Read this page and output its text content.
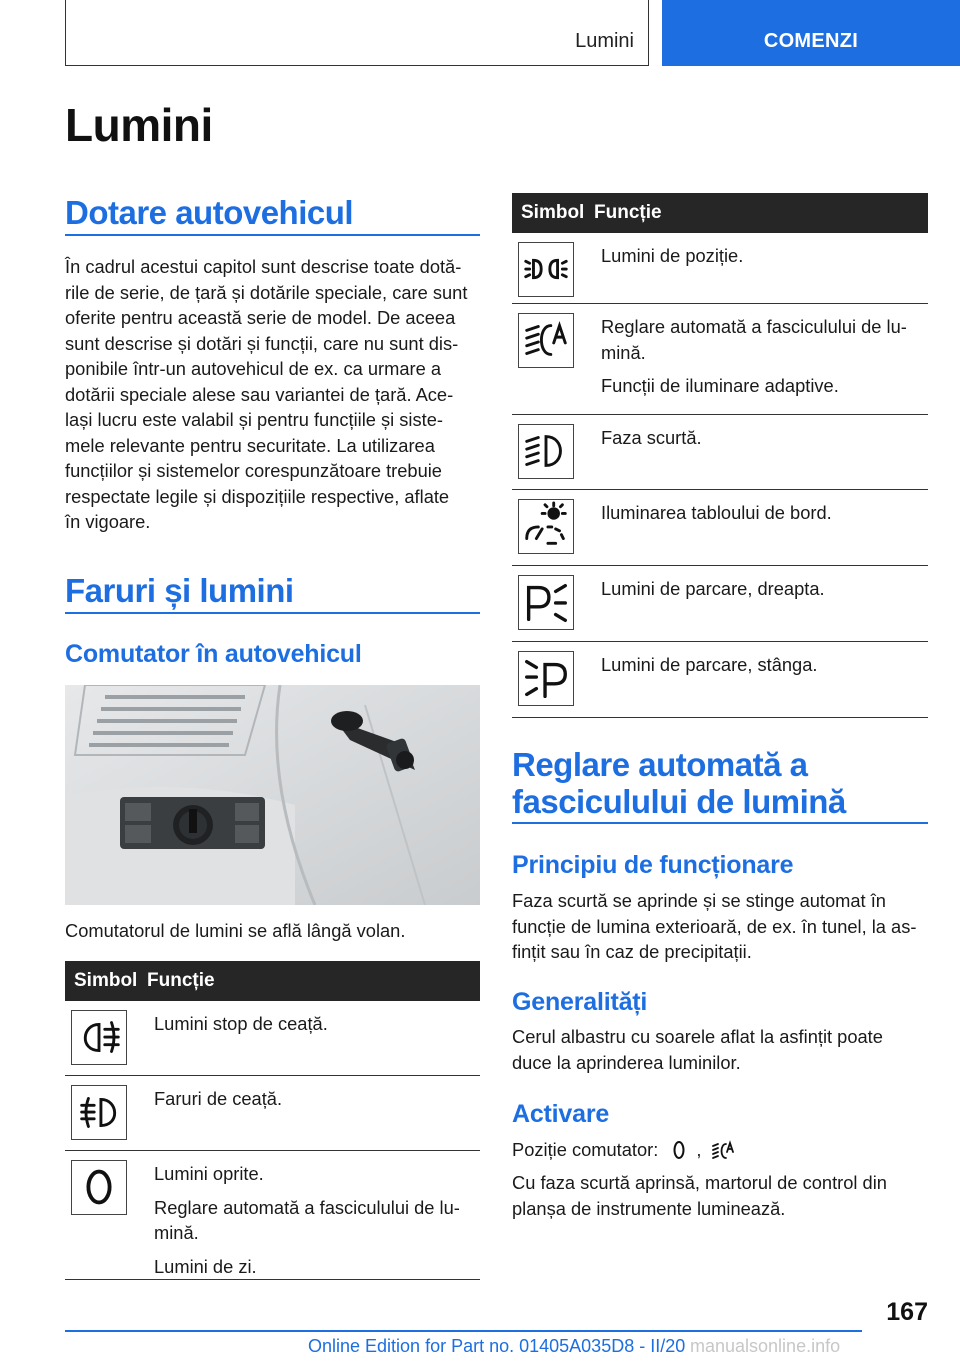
Lumini	COMENZI
Lumini
Dotare autovehicul
În cadrul acestui capitol sunt descrise toate dotă-
rile de serie, de țară și dotările speciale, care sunt
oferite pentru această serie de model. De aceea
sunt descrise și dotări și funcții, care nu sunt dis-
ponibile într-un autovehicul de ex. ca urmare a
dotării speciale alese sau variantei de țară. Ace-
lași lucru este valabil și pentru funcțiile și siste-
mele relevante pentru securitate. La utilizarea
funcțiilor și sistemelor corespunzătoare trebuie
respectate legile și dispozițiile respective, aflate
în vigoare.
Faruri și lumini
Comutator în autovehicul
Comutatorul de lumini se află lângă volan.
Simbol Funcție

Lumini stop de ceață.

Faruri de ceață.

Lumini oprite.

Reglare automată a fasciculului de lu-
mină.

Lumini de zi.

Simbol Funcție

Lumini de poziție.

Reglare automată a fasciculului de lu-
mină.

Funcții de iluminare adaptive.

Faza scurtă.

Iluminarea tabloului de bord.

Lumini de parcare, dreapta.

Lumini de parcare, stânga.

Reglare automată a
fasciculului de lumină
Principiu de funcționare
Faza scurtă se aprinde și se stinge automat în
funcție de lumina exterioară, de ex. în tunel, la as-
fințit sau în caz de precipitații.
Generalități
Cerul albastru cu soarele aflat la asfințit poate
duce la aprinderea luminilor.
Activare
Poziție comutator: ,
Cu faza scurtă aprinsă, martorul de control din
planșa de instrumente luminează.
167
Online Edition for Part no. 01405A035D8 - II/20 manualsonline.info
